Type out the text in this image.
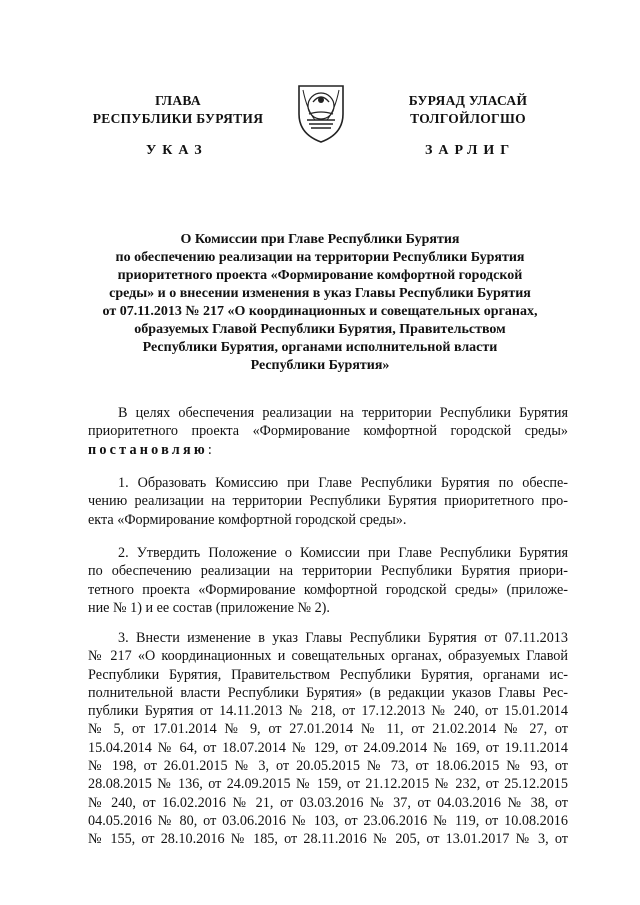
ГЛАВА
РЕСПУБЛИКИ БУРЯТИЯ
БУРЯАД УЛАСАЙ
ТОЛГОЙЛОГШО
УКАЗ	ЗАРЛИГ
О Комиссии при Главе Республики Бурятия
по обеспечению реализации на территории Республики Бурятия
приоритетного проекта «Формирование комфортной городской
среды» и о внесении изменения в указ Главы Республики Бурятия
от 07.11.2013 № 217 «О координационных и совещательных органах,
образуемых Главой Республики Бурятия, Правительством
Республики Бурятия, органами исполнительной власти
Республики Бурятия»
В целях обеспечения реализации на территории Республики Бурятия
приоритетного проекта «Формирование комфортной городской среды»
постановляю:
1. Образовать Комиссию при Главе Республики Бурятия по обеспе-
чению реализации на территории Республики Бурятия приоритетного про-
екта «Формирование комфортной городской среды».
2. Утвердить Положение о Комиссии при Главе Республики Бурятия
по обеспечению реализации на территории Республики Бурятия приори-
тетного проекта «Формирование комфортной городской среды» (приложе-
ние № 1) и ее состав (приложение № 2).
3. Внести изменение в указ Главы Республики Бурятия от 07.11.2013
№ 217 «О координационных и совещательных органах, образуемых Главой
Республики Бурятия, Правительством Республики Бурятия, органами ис-
полнительной власти Республики Бурятия» (в редакции указов Главы Рес-
публики Бурятия от 14.11.2013 № 218, от 17.12.2013 № 240, от 15.01.2014
№ 5, от 17.01.2014 № 9, от 27.01.2014 № 11, от 21.02.2014 № 27, от
15.04.2014 № 64, от 18.07.2014 № 129, от 24.09.2014 № 169, от 19.11.2014
№ 198, от 26.01.2015 № 3, от 20.05.2015 № 73, от 18.06.2015 № 93, от
28.08.2015 № 136, от 24.09.2015 № 159, от 21.12.2015 № 232, от 25.12.2015
№ 240, от 16.02.2016 № 21, от 03.03.2016 № 37, от 04.03.2016 № 38, от
04.05.2016 № 80, от 03.06.2016 № 103, от 23.06.2016 № 119, от 10.08.2016
№ 155, от 28.10.2016 № 185, от 28.11.2016 № 205, от 13.01.2017 № 3, от
